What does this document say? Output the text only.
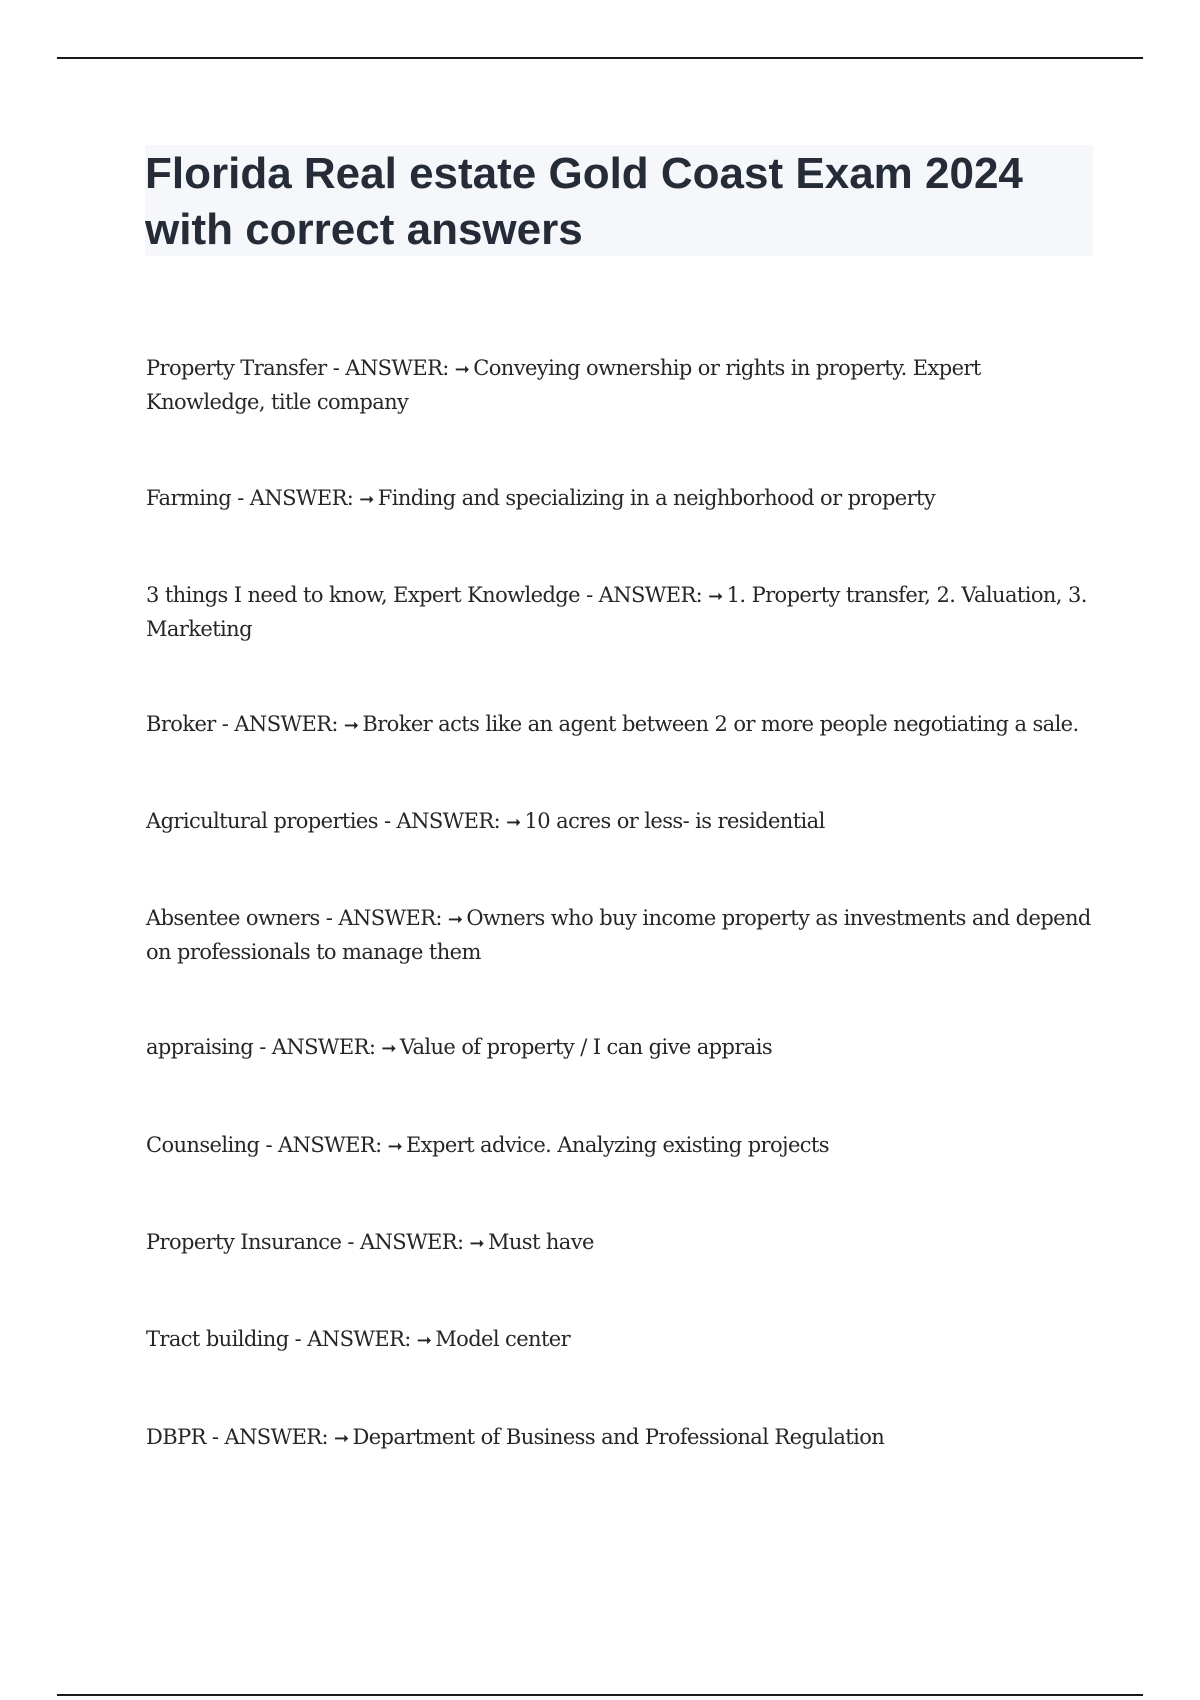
Florida Real estate Gold Coast Exam 2024 with correct answers

Property Transfer - ANSWER: ➞ Conveying ownership or rights in property. Expert Knowledge, title company

Farming - ANSWER: ➞ Finding and specializing in a neighborhood or property

3 things I need to know, Expert Knowledge - ANSWER: ➞ 1. Property transfer, 2. Valuation, 3. Marketing

Broker - ANSWER: ➞ Broker acts like an agent between 2 or more people negotiating a sale.

Agricultural properties - ANSWER: ➞ 10 acres or less- is residential

Absentee owners - ANSWER: ➞ Owners who buy income property as investments and depend on professionals to manage them

appraising - ANSWER: ➞ Value of property / I can give apprais

Counseling - ANSWER: ➞ Expert advice. Analyzing existing projects

Property Insurance - ANSWER: ➞ Must have

Tract building - ANSWER: ➞ Model center

DBPR - ANSWER: ➞ Department of Business and Professional Regulation
